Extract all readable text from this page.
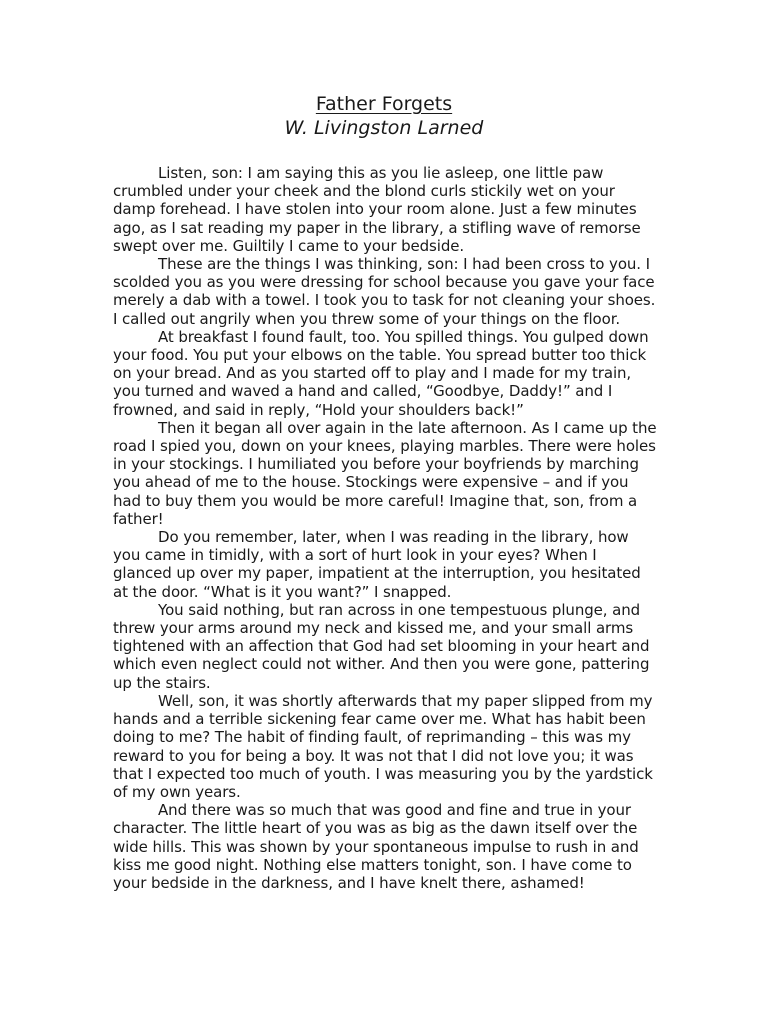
Father Forgets
W. Livingston Larned

Listen, son: I am saying this as you lie asleep, one little paw crumbled under your cheek and the blond curls stickily wet on your damp forehead. I have stolen into your room alone. Just a few minutes ago, as I sat reading my paper in the library, a stifling wave of remorse swept over me. Guiltily I came to your bedside.

These are the things I was thinking, son: I had been cross to you. I scolded you as you were dressing for school because you gave your face merely a dab with a towel. I took you to task for not cleaning your shoes. I called out angrily when you threw some of your things on the floor.

At breakfast I found fault, too. You spilled things. You gulped down your food. You put your elbows on the table. You spread butter too thick on your bread. And as you started off to play and I made for my train, you turned and waved a hand and called, “Goodbye, Daddy!” and I frowned, and said in reply, “Hold your shoulders back!”

Then it began all over again in the late afternoon. As I came up the road I spied you, down on your knees, playing marbles. There were holes in your stockings. I humiliated you before your boyfriends by marching you ahead of me to the house. Stockings were expensive – and if you had to buy them you would be more careful! Imagine that, son, from a father!

Do you remember, later, when I was reading in the library, how you came in timidly, with a sort of hurt look in your eyes? When I glanced up over my paper, impatient at the interruption, you hesitated at the door. “What is it you want?” I snapped.

You said nothing, but ran across in one tempestuous plunge, and threw your arms around my neck and kissed me, and your small arms tightened with an affection that God had set blooming in your heart and which even neglect could not wither. And then you were gone, pattering up the stairs.

Well, son, it was shortly afterwards that my paper slipped from my hands and a terrible sickening fear came over me. What has habit been doing to me? The habit of finding fault, of reprimanding – this was my reward to you for being a boy. It was not that I did not love you; it was that I expected too much of youth. I was measuring you by the yardstick of my own years.

And there was so much that was good and fine and true in your character. The little heart of you was as big as the dawn itself over the wide hills. This was shown by your spontaneous impulse to rush in and kiss me good night. Nothing else matters tonight, son. I have come to your bedside in the darkness, and I have knelt there, ashamed!
